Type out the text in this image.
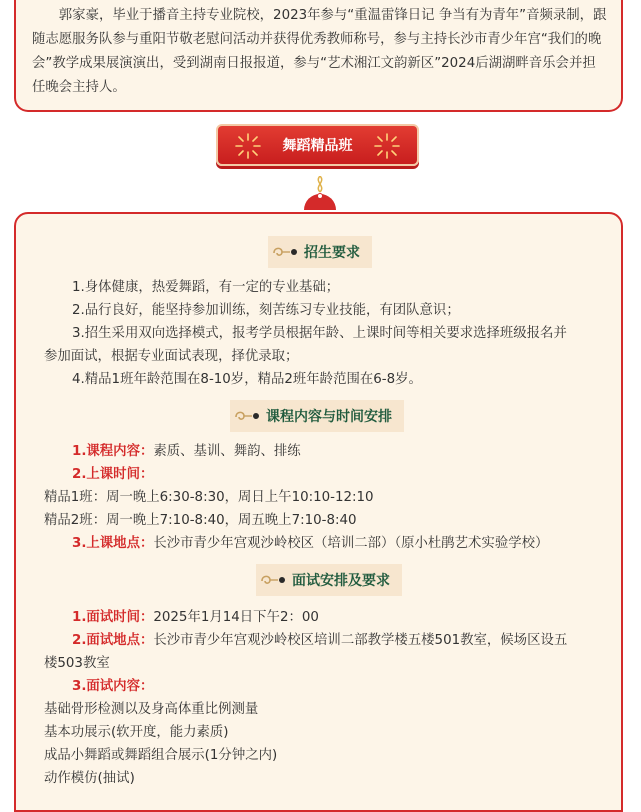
郭家豪，毕业于播音主持专业院校，2023年参与“重温雷锋日记 争当有为青年”音频录制，跟随志愿服务队参与重阳节敬老慰问活动并获得优秀教师称号，参与主持长沙市青少年宫“我们的晚会”教学成果展演演出，受到湖南日报报道，参与“艺术湘江文韵新区”2024后湖湖畔音乐会并担任晚会主持人。

舞蹈精品班
招生要求
1.身体健康，热爱舞蹈，有一定的专业基础；
2.品行良好，能坚持参加训练，刻苦练习专业技能，有团队意识；
3.招生采用双向选择模式，报考学员根据年龄、上课时间等相关要求选择班级报名并
参加面试，根据专业面试表现，择优录取；
4.精品1班年龄范围在8-10岁，精品2班年龄范围在6-8岁。
课程内容与时间安排
1.课程内容：素质、基训、舞韵、排练
2.上课时间：
精品1班：周一晚上6:30-8:30，周日上午10:10-12:10
精品2班：周一晚上7:10-8:40，周五晚上7:10-8:40
3.上课地点：长沙市青少年宫观沙岭校区（培训二部）（原小杜鹃艺术实验学校）
面试安排及要求
1.面试时间：2025年1月14日下午2：00
2.面试地点：长沙市青少年宫观沙岭校区培训二部教学楼五楼501教室，候场区设五
楼503教室
3.面试内容：
基础骨形检测以及身高体重比例测量
基本功展示(软开度，能力素质)
成品小舞蹈或舞蹈组合展示(1分钟之内)
动作模仿(抽试)
